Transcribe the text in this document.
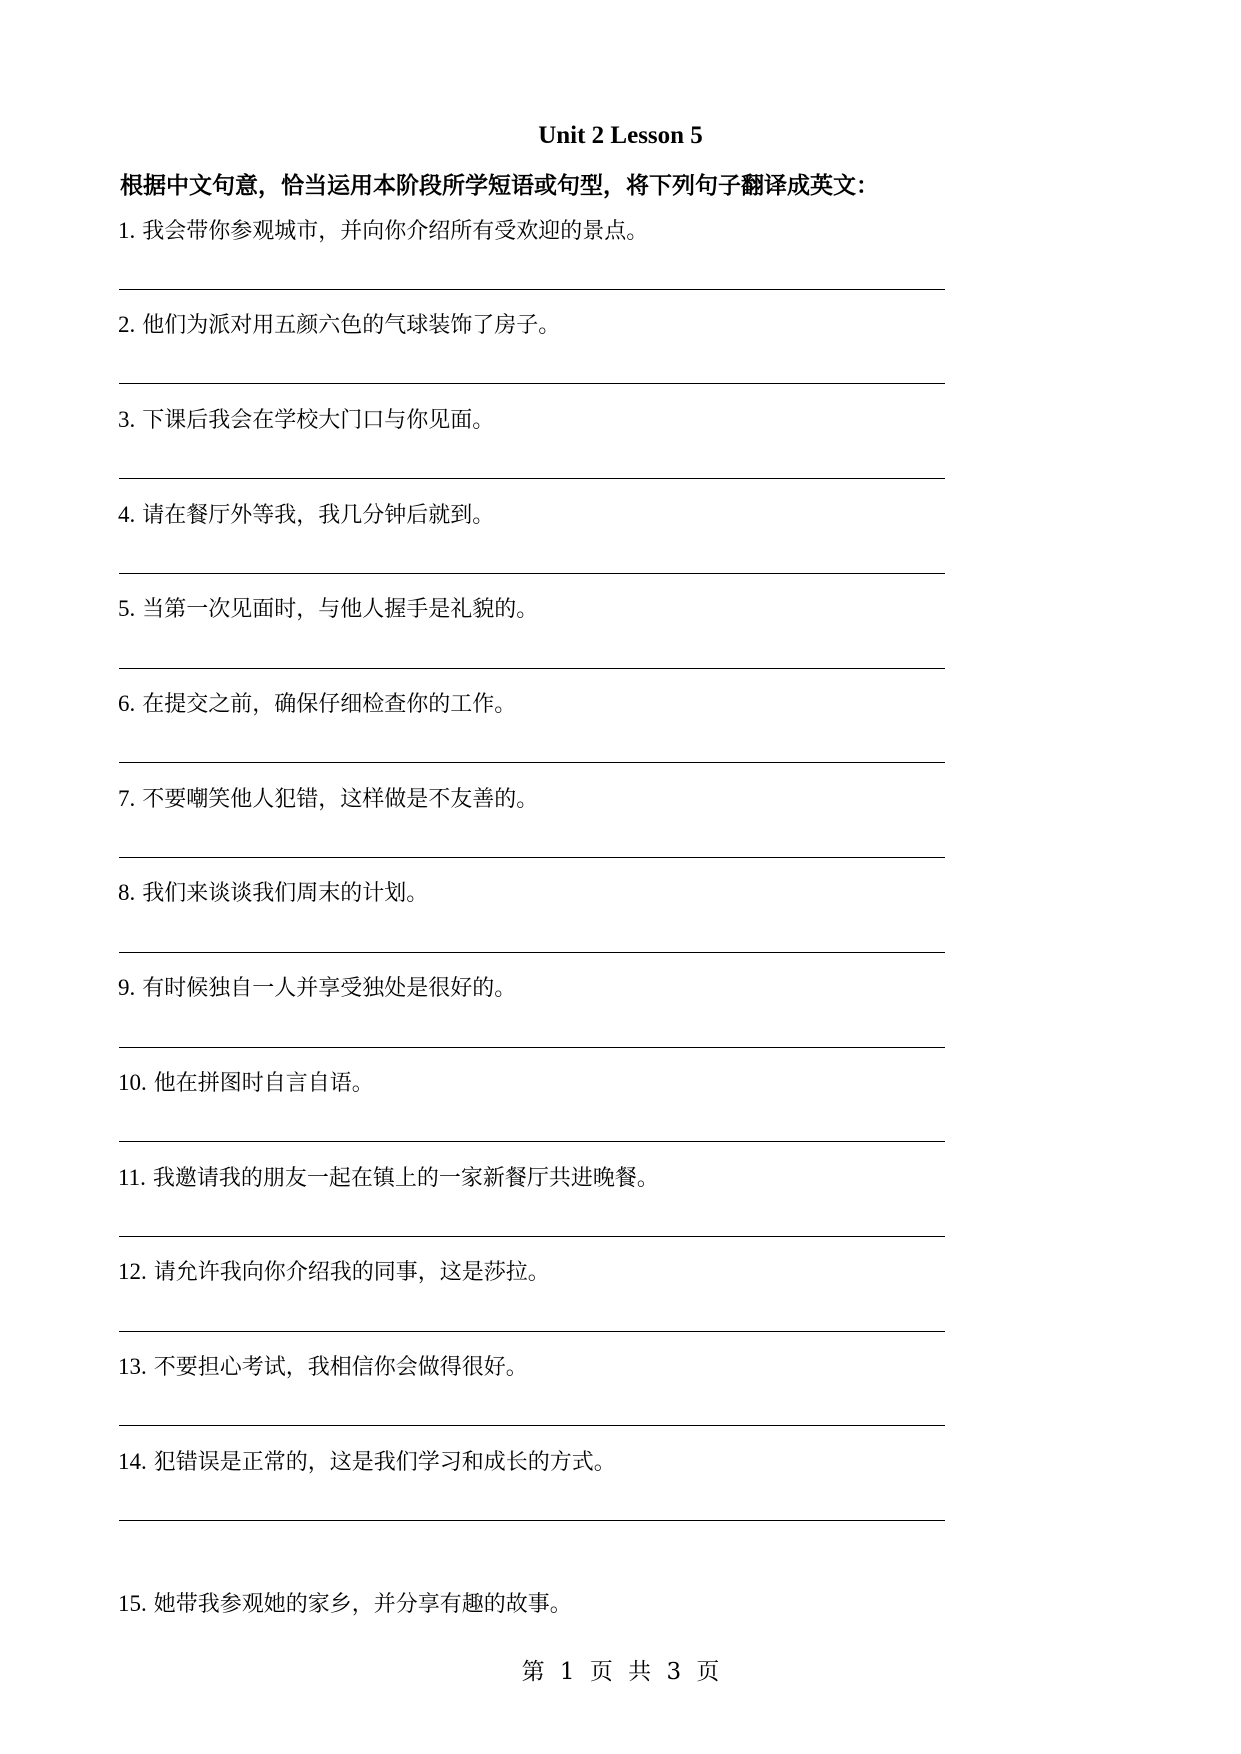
Unit 2 Lesson 5
根据中文句意，恰当运用本阶段所学短语或句型，将下列句子翻译成英文：
1. 我会带你参观城市，并向你介绍所有受欢迎的景点。
2. 他们为派对用五颜六色的气球装饰了房子。
3. 下课后我会在学校大门口与你见面。
4. 请在餐厅外等我，我几分钟后就到。
5. 当第一次见面时，与他人握手是礼貌的。
6. 在提交之前，确保仔细检查你的工作。
7. 不要嘲笑他人犯错，这样做是不友善的。
8. 我们来谈谈我们周末的计划。
9. 有时候独自一人并享受独处是很好的。
10. 他在拼图时自言自语。
11. 我邀请我的朋友一起在镇上的一家新餐厅共进晚餐。
12. 请允许我向你介绍我的同事，这是莎拉。
13. 不要担心考试，我相信你会做得很好。
14. 犯错误是正常的，这是我们学习和成长的方式。
15. 她带我参观她的家乡，并分享有趣的故事。
第 1 页 共 3 页
